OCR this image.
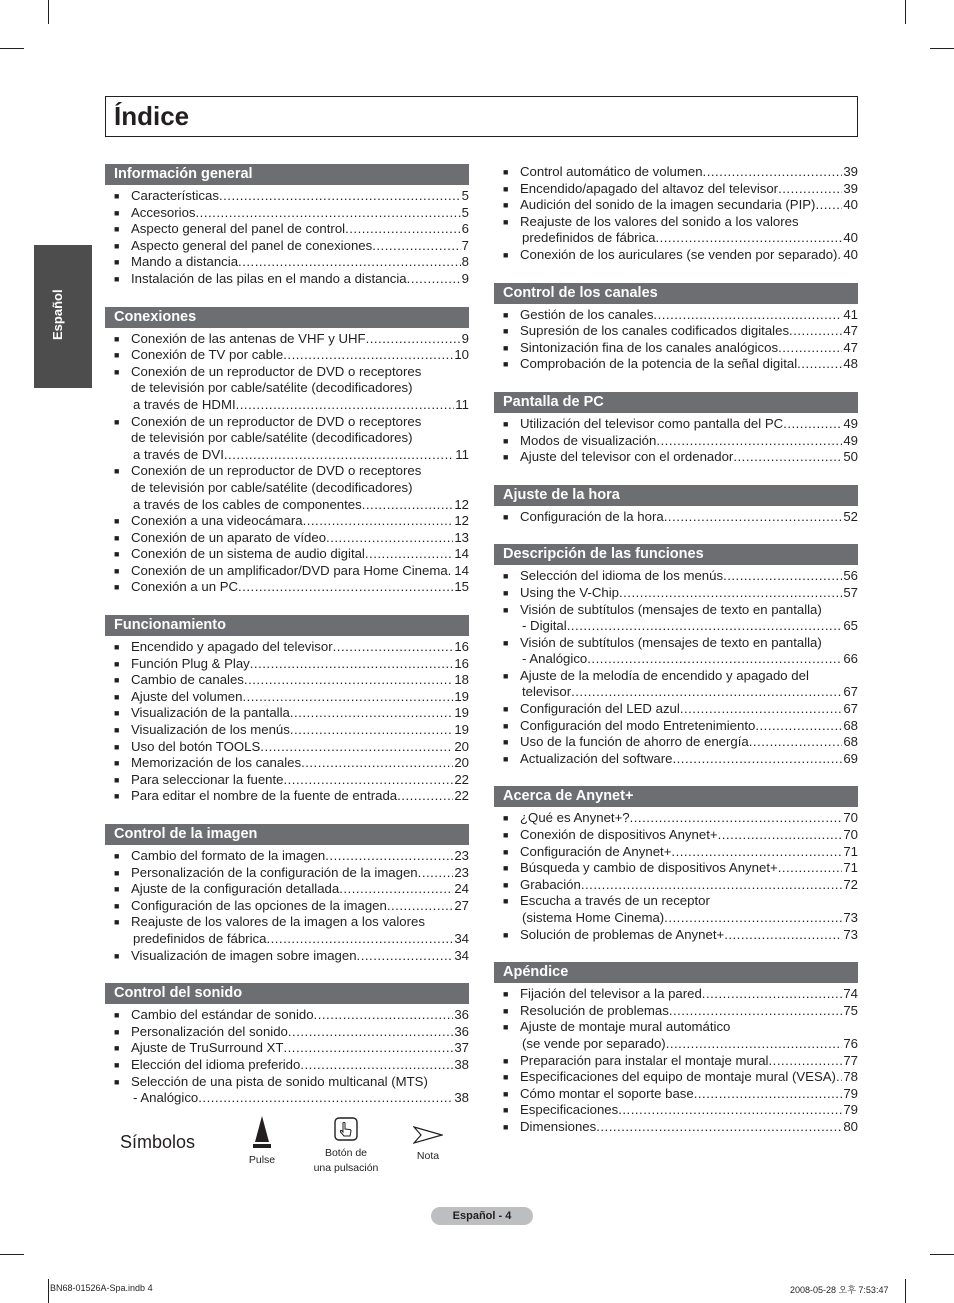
Índice
Español
Información general
■ Características .....	5
■ Accesorios .....	5
■ Aspecto general del panel de control .....	6
■ Aspecto general del panel de conexiones .....	7
■ Mando a distancia .....	8
■ Instalación de las pilas en el mando a distancia .....	9
Conexiones
■ Conexión de las antenas de VHF y UHF .....	9
■ Conexión de TV por cable .....	10
■ Conexión de un reproductor de DVD o receptores
de televisión por cable/satélite (decodificadores)
a través de HDMI .....	11
■ Conexión de un reproductor de DVD o receptores
de televisión por cable/satélite (decodificadores)
a través de DVI .....	11
■ Conexión de un reproductor de DVD o receptores
de televisión por cable/satélite (decodificadores)
a través de los cables de componentes .....	12
■ Conexión a una videocámara .....	12
■ Conexión de un aparato de vídeo .....	13
■ Conexión de un sistema de audio digital .....	14
■ Conexión de un amplificador/DVD para Home Cinema ..... 14
■ Conexión a un PC .....	15
Funcionamiento
■ Encendido y apagado del televisor .....	16
■ Función Plug & Play .....	16
■ Cambio de canales .....	18
■ Ajuste del volumen .....	19
■ Visualización de la pantalla .....	19
■ Visualización de los menús .....	19
■ Uso del botón TOOLS .....	20
■ Memorización de los canales .....	20
■ Para seleccionar la fuente .....	22
■ Para editar el nombre de la fuente de entrada .....	22
Control de la imagen
■ Cambio del formato de la imagen .....	23
■ Personalización de la configuración de la imagen .....	23
■ Ajuste de la configuración detallada .....	24
■ Configuración de las opciones de la imagen .....	27
■ Reajuste de los valores de la imagen a los valores
predefinidos de fábrica .....	34
■ Visualización de imagen sobre imagen .....	34
Control del sonido
■ Cambio del estándar de sonido .....	36
■ Personalización del sonido .....	36
■ Ajuste de TruSurround XT .....	37
■ Elección del idioma preferido .....	38
■ Selección de una pista de sonido multicanal (MTS)
- Analógico .....	38
■ Control automático de volumen .....	39
■ Encendido/apagado del altavoz del televisor .....	39
■ Audición del sonido de la imagen secundaria (PIP) ..... 40
■ Reajuste de los valores del sonido a los valores
predefinidos de fábrica .....	40
■ Conexión de los auriculares (se venden por separado) ..... 40
Control de los canales
■ Gestión de los canales .....	41
■ Supresión de los canales codificados digitales .....	47
■ Sintonización fina de los canales analógicos .....	47
■ Comprobación de la potencia de la señal digital .....	48
Pantalla de PC
■ Utilización del televisor como pantalla del PC .....	49
■ Modos de visualización .....	49
■ Ajuste del televisor con el ordenador .....	50
Ajuste de la hora
■ Configuración de la hora .....	52
Descripción de las funciones
■ Selección del idioma de los menús .....	56
■ Using the V-Chip .....	57
■ Visión de subtítulos (mensajes de texto en pantalla)
- Digital .....	65
■ Visión de subtítulos (mensajes de texto en pantalla)
- Analógico .....	66
■ Ajuste de la melodía de encendido y apagado del
televisor .....	67
■ Configuración del LED azul .....	67
■ Configuración del modo Entretenimiento .....	68
■ Uso de la función de ahorro de energía .....	68
■ Actualización del software .....	69
Acerca de Anynet+
■ ¿Qué es Anynet+? .....	70
■ Conexión de dispositivos Anynet+ .....	70
■ Configuración de Anynet+ .....	71
■ Búsqueda y cambio de dispositivos Anynet+ .....	71
■ Grabación .....	72
■ Escucha a través de un receptor
(sistema Home Cinema) .....	73
■ Solución de problemas de Anynet+ .....	73
Apéndice
■ Fijación del televisor a la pared .....	74
■ Resolución de problemas .....	75
■ Ajuste de montaje mural automático
(se vende por separado) .....	76
■ Preparación para instalar el montaje mural .....	77
■ Especificaciones del equipo de montaje mural (VESA) ..... 78
■ Cómo montar el soporte base .....	79
■ Especificaciones .....	79
■ Dimensiones .....	80
Símbolos
Pulse
Botón de
una pulsación
Nota
Español - 4
BN68-01526A-Spa.indb 4	2008-05-28 오후 7:53:47
